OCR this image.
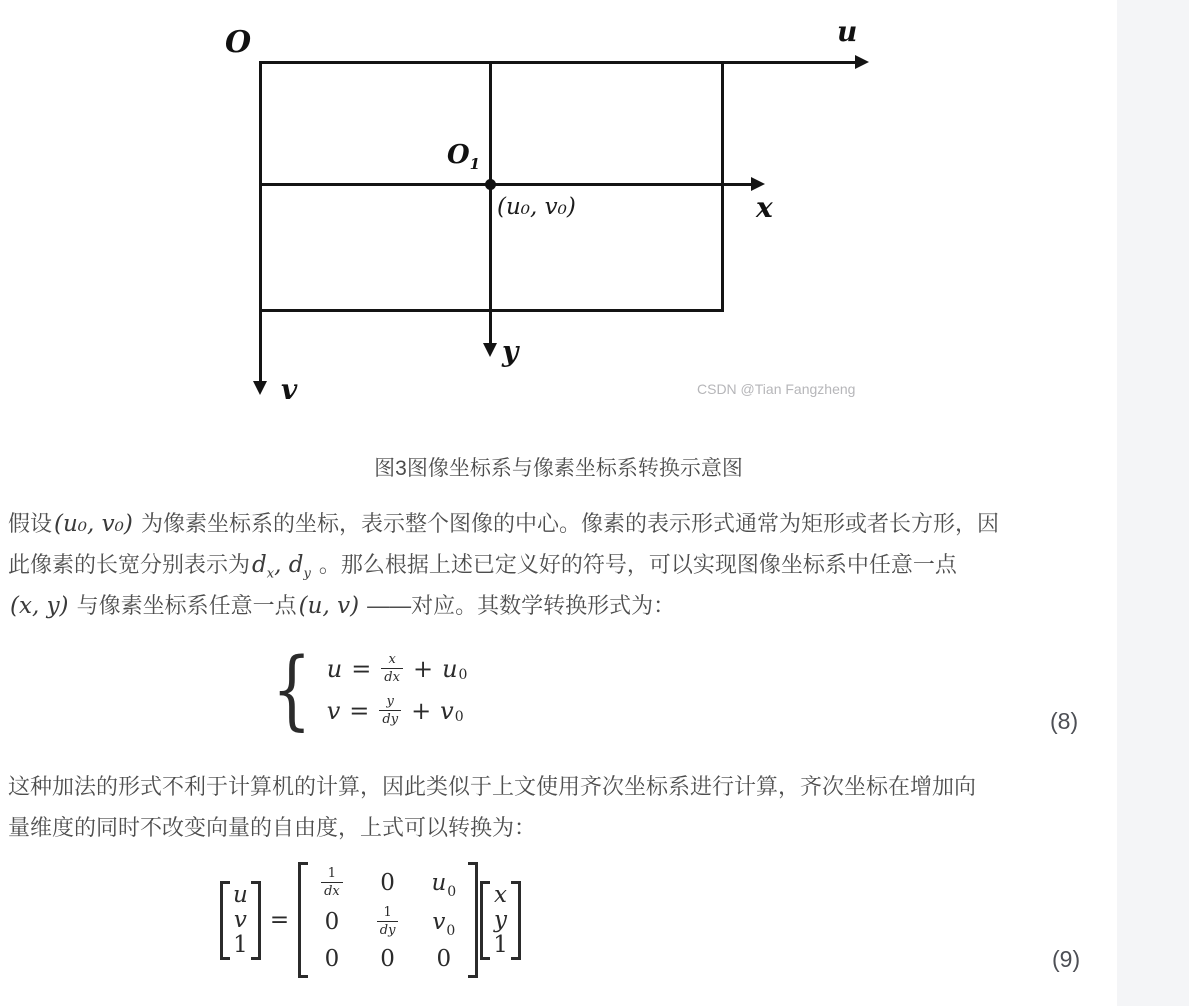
O	u
x
y
v
$O_1$
(u₀, v₀)
CSDN @Tian Fangzheng
图3图像坐标系与像素坐标系转换示意图
假设(u₀, v₀) 为像素坐标系的坐标，表示整个图像的中心。像素的表示形式通常为矩形或者长方形，因
此像素的长宽分别表示为$d_x$, $d_y$ 。那么根据上述已定义好的符号，可以实现图像坐标系中任意一点
(x, y) 与像素坐标系任意一点(u, v) ——对应。其数学转换形式为：
{ $u = \frac{x}{dx} + u$ 0
$v = \frac{y}{dy} + v$ 0	(8)
这种加法的形式不利于计算机的计算，因此类似于上文使用齐次坐标系进行计算，齐次坐标在增加向
量维度的同时不改变向量的自由度，上式可以转换为：
u
v
1
=
$\frac{1}{dx} 0$ $u_0$
0	$\frac{1}{dy} v_0$
0 0 0
x
y
1
(9)
